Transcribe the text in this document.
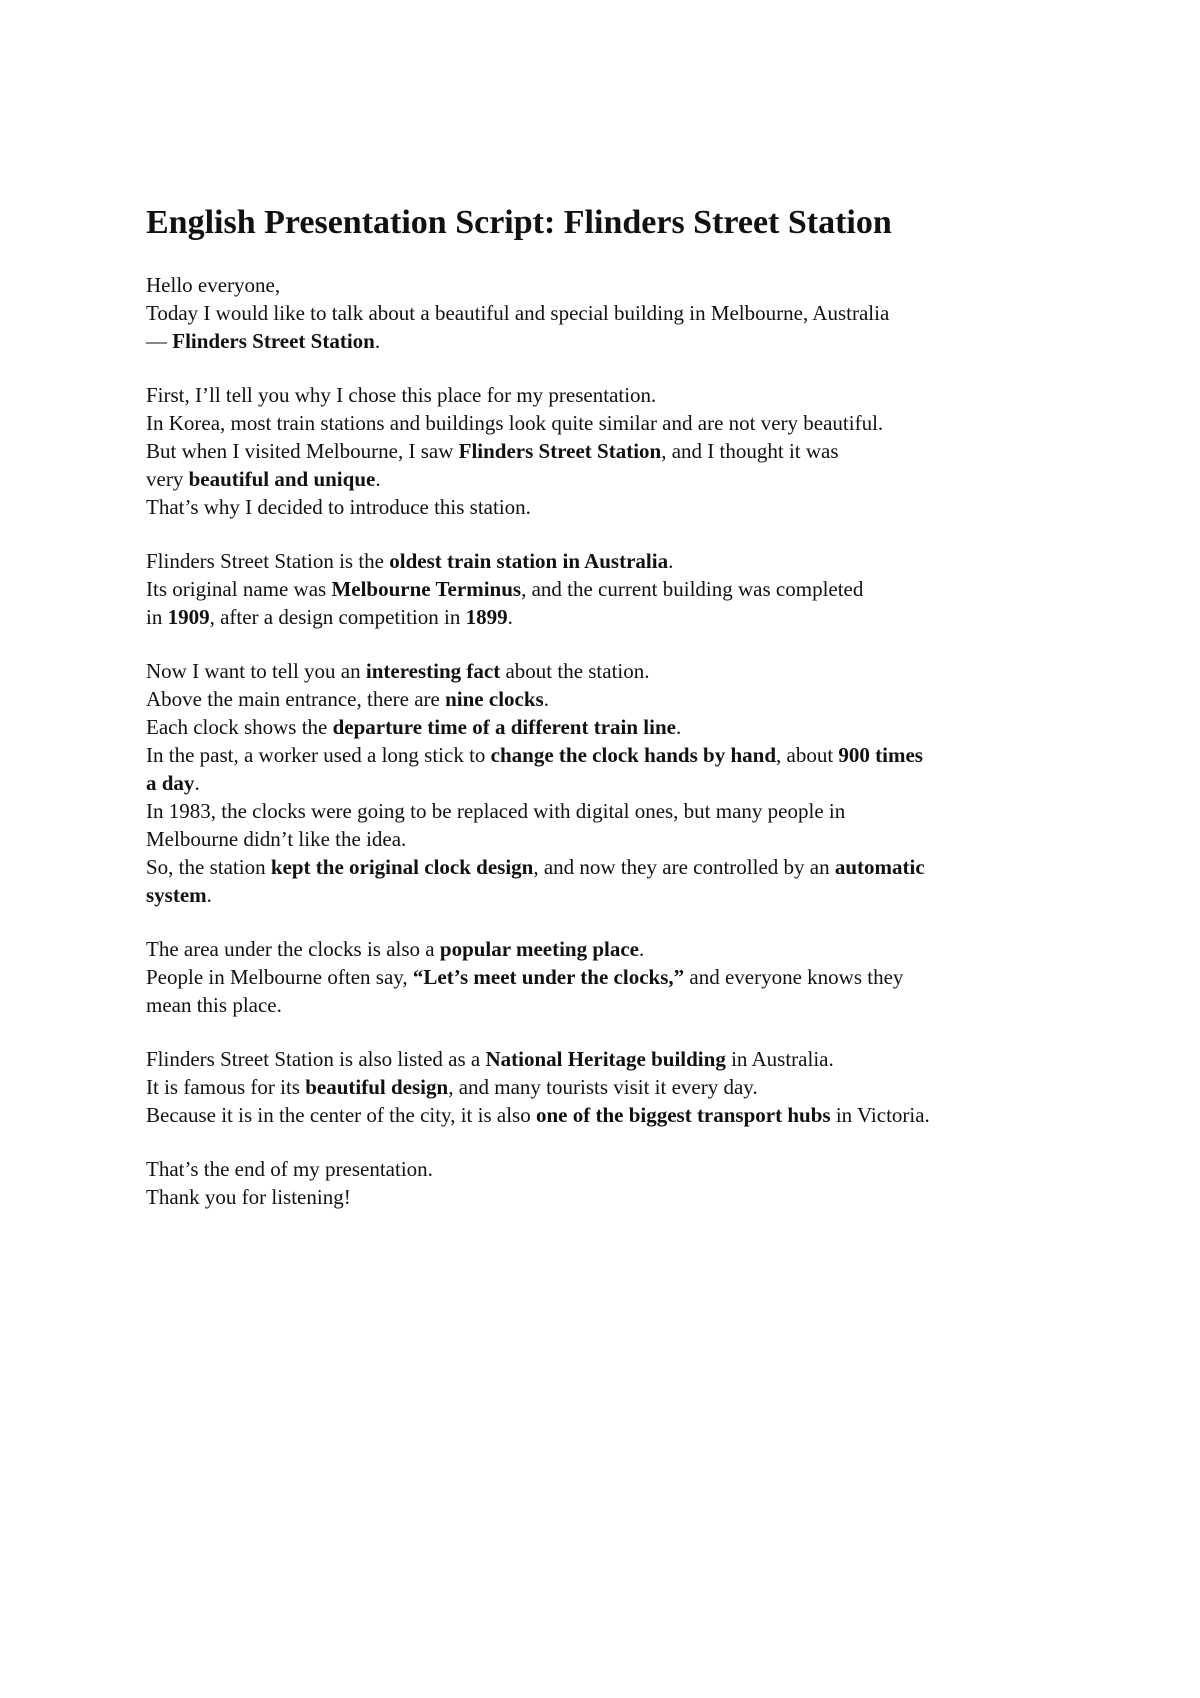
English Presentation Script: Flinders Street Station

Hello everyone,
Today I would like to talk about a beautiful and special building in Melbourne, Australia
— Flinders Street Station.

First, I’ll tell you why I chose this place for my presentation.
In Korea, most train stations and buildings look quite similar and are not very beautiful.
But when I visited Melbourne, I saw Flinders Street Station, and I thought it was
very beautiful and unique.
That’s why I decided to introduce this station.

Flinders Street Station is the oldest train station in Australia.
Its original name was Melbourne Terminus, and the current building was completed
in 1909, after a design competition in 1899.

Now I want to tell you an interesting fact about the station.
Above the main entrance, there are nine clocks.
Each clock shows the departure time of a different train line.
In the past, a worker used a long stick to change the clock hands by hand, about 900 times
a day.
In 1983, the clocks were going to be replaced with digital ones, but many people in
Melbourne didn’t like the idea.
So, the station kept the original clock design, and now they are controlled by an automatic
system.

The area under the clocks is also a popular meeting place.
People in Melbourne often say, “Let’s meet under the clocks,” and everyone knows they
mean this place.

Flinders Street Station is also listed as a National Heritage building in Australia.
It is famous for its beautiful design, and many tourists visit it every day.
Because it is in the center of the city, it is also one of the biggest transport hubs in Victoria.

That’s the end of my presentation.
Thank you for listening!
